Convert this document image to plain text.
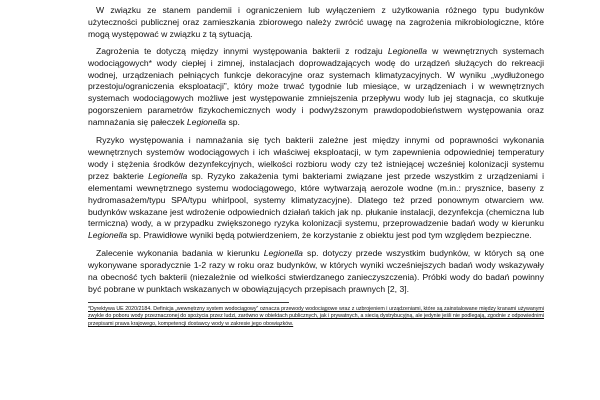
W związku ze stanem pandemii i ograniczeniem lub wyłączeniem z użytkowania różnego typu budynków użyteczności publicznej oraz zamieszkania zbiorowego należy zwrócić uwagę na zagrożenia mikrobiologiczne, które mogą występować w związku z tą sytuacją.

Zagrożenia te dotyczą między innymi występowania bakterii z rodzaju Legionella w wewnętrznych systemach wodociągowych* wody ciepłej i zimnej, instalacjach doprowadzających wodę do urządzeń służących do rekreacji wodnej, urządzeniach pełniących funkcje dekoracyjne oraz systemach klimatyzacyjnych. W wyniku „wydłużonego przestoju/ograniczenia eksploatacji”, który może trwać tygodnie lub miesiące, w urządzeniach i w wewnętrznych systemach wodociągowych możliwe jest występowanie zmniejszenia przepływu wody lub jej stagnacja, co skutkuje pogorszeniem parametrów fizykochemicznych wody i podwyższonym prawdopodobieństwem występowania oraz namnażania się pałeczek Legionella sp.

Ryzyko występowania i namnażania się tych bakterii zależne jest między innymi od poprawności wykonania wewnętrznych systemów wodociągowych i ich właściwej eksploatacji, w tym zapewnienia odpowiedniej temperatury wody i stężenia środków dezynfekcyjnych, wielkości rozbioru wody czy też istniejącej wcześniej kolonizacji systemu przez bakterie Legionella sp. Ryzyko zakażenia tymi bakteriami związane jest przede wszystkim z urządzeniami i elementami wewnętrznego systemu wodociągowego, które wytwarzają aerozole wodne (m.in.: prysznice, baseny z hydromasażem/typu SPA/typu whirlpool, systemy klimatyzacyjne). Dlatego też przed ponownym otwarciem ww. budynków wskazane jest wdrożenie odpowiednich działań takich jak np. płukanie instalacji, dezynfekcja (chemiczna lub termiczna) wody, a w przypadku zwiększonego ryzyka kolonizacji systemu, przeprowadzenie badań wody w kierunku Legionella sp. Prawidłowe wyniki będą potwierdzeniem, że korzystanie z obiektu jest pod tym względem bezpieczne.

Zalecenie wykonania badania w kierunku Legionella sp. dotyczy przede wszystkim budynków, w których są one wykonywane sporadycznie 1-2 razy w roku oraz budynków, w których wyniki wcześniejszych badań wody wskazywały na obecność tych bakterii (niezależnie od wielkości stwierdzanego zanieczyszczenia). Próbki wody do badań powinny być pobrane w punktach wskazanych w obowiązujących przepisach prawnych [2, 3].

*Dyrektywa UE 2020/2184. Definicja „wewnętrzny system wodociągowy” oznacza przewody wodociągowe wraz z uzbrojeniem i urządzeniami, które są zainstalowane między kranami używanymi zwykle do poboru wody przeznaczonej do spożycia przez ludzi, zarówno w obiektach publicznych, jak i prywatnych, a siecią dystrybucyjną, ale jedynie jeśli nie podlegają, zgodnie z odpowiednimi przepisami prawa krajowego, kompetencji dostawcy wody w zakresie jego obowiązków.
